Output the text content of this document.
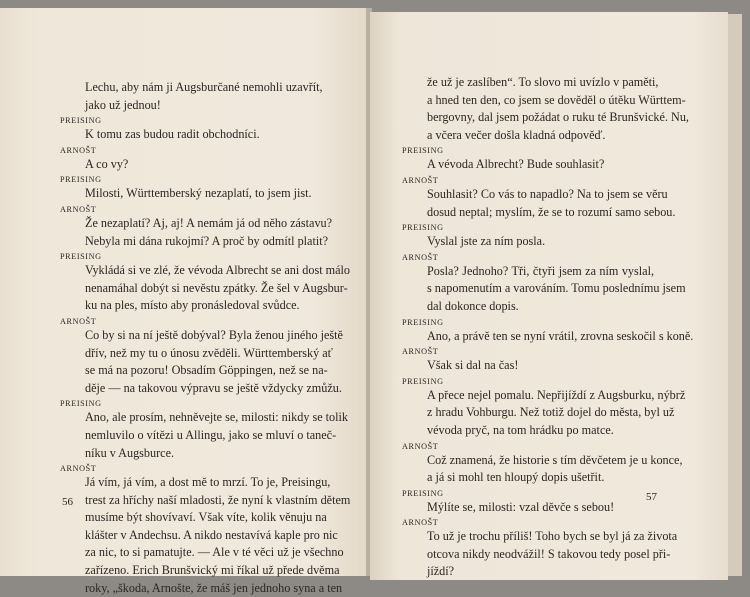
Lechu, aby nám ji Augsburčané nemohli uzavřít,
jako už jednou!
PREISING
K tomu zas budou radit obchodníci.
ARNOŠT
A co vy?
PREISING
Milosti, Württemberský nezaplatí, to jsem jist.
ARNOŠT
Že nezaplatí? Aj, aj! A nemám já od něho zástavu?
Nebyla mi dána rukojmí? A proč by odmítl platit?
PREISING
Vykládá si ve zlé, že vévoda Albrecht se ani dost málo
nenamáhal dobýt si nevěstu zpátky. Že šel v Augsbur-
ku na ples, místo aby pronásledoval svůdce.
ARNOŠT
Co by si na ní ještě dobýval? Byla ženou jiného ještě
dřív, než my tu o únosu zvěděli. Württemberský ať
se má na pozoru! Obsadím Göppingen, než se na-
děje — na takovou výpravu se ještě vždycky zmůžu.
PREISING
Ano, ale prosím, nehněvejte se, milosti: nikdy se tolik
nemluvilo o vítězi u Allingu, jako se mluví o taneč-
níku v Augsburce.
ARNOŠT
Já vím, já vím, a dost mě to mrzí. To je, Preisingu,
trest za hříchy naší mladosti, že nyní k vlastním dětem
musíme být shovívaví. Však víte, kolik věnuju na
klášter v Andechsu. A nikdo nestavívá kaple pro nic
za nic, to si pamatujte. — Ale v té věci už je všechno
zařízeno. Erich Brunšvický mi říkal už přede dvěma
roky, „škoda, Arnošte, že máš jen jednoho syna a ten
56
že už je zaslíben“. To slovo mi uvízlo v paměti,
a hned ten den, co jsem se dověděl o útěku Württem-
bergovny, dal jsem požádat o ruku té Brunšvické. Nu,
a včera večer došla kladná odpověď.
PREISING
A vévoda Albrecht? Bude souhlasit?
ARNOŠT
Souhlasit? Co vás to napadlo? Na to jsem se věru
dosud neptal; myslím, že se to rozumí samo sebou.
PREISING
Vyslal jste za ním posla.
ARNOŠT
Posla? Jednoho? Tři, čtyři jsem za ním vyslal,
s napomenutím a varováním. Tomu poslednímu jsem
dal dokonce dopis.
PREISING
Ano, a právě ten se nyní vrátil, zrovna seskočil s koně.
ARNOŠT
Však si dal na čas!
PREISING
A přece nejel pomalu. Nepřijíždí z Augsburku, nýbrž
z hradu Vohburgu. Než totiž dojel do města, byl už
vévoda pryč, na tom hrádku po matce.
ARNOŠT
Což znamená, že historie s tím děvčetem je u konce,
a já si mohl ten hloupý dopis ušetřit.
PREISING
Mýlíte se, milosti: vzal děvče s sebou!
ARNOŠT
To už je trochu příliš! Toho bych se byl já za života
otcova nikdy neodvážil! S takovou tedy posel při-
jíždí?
57
